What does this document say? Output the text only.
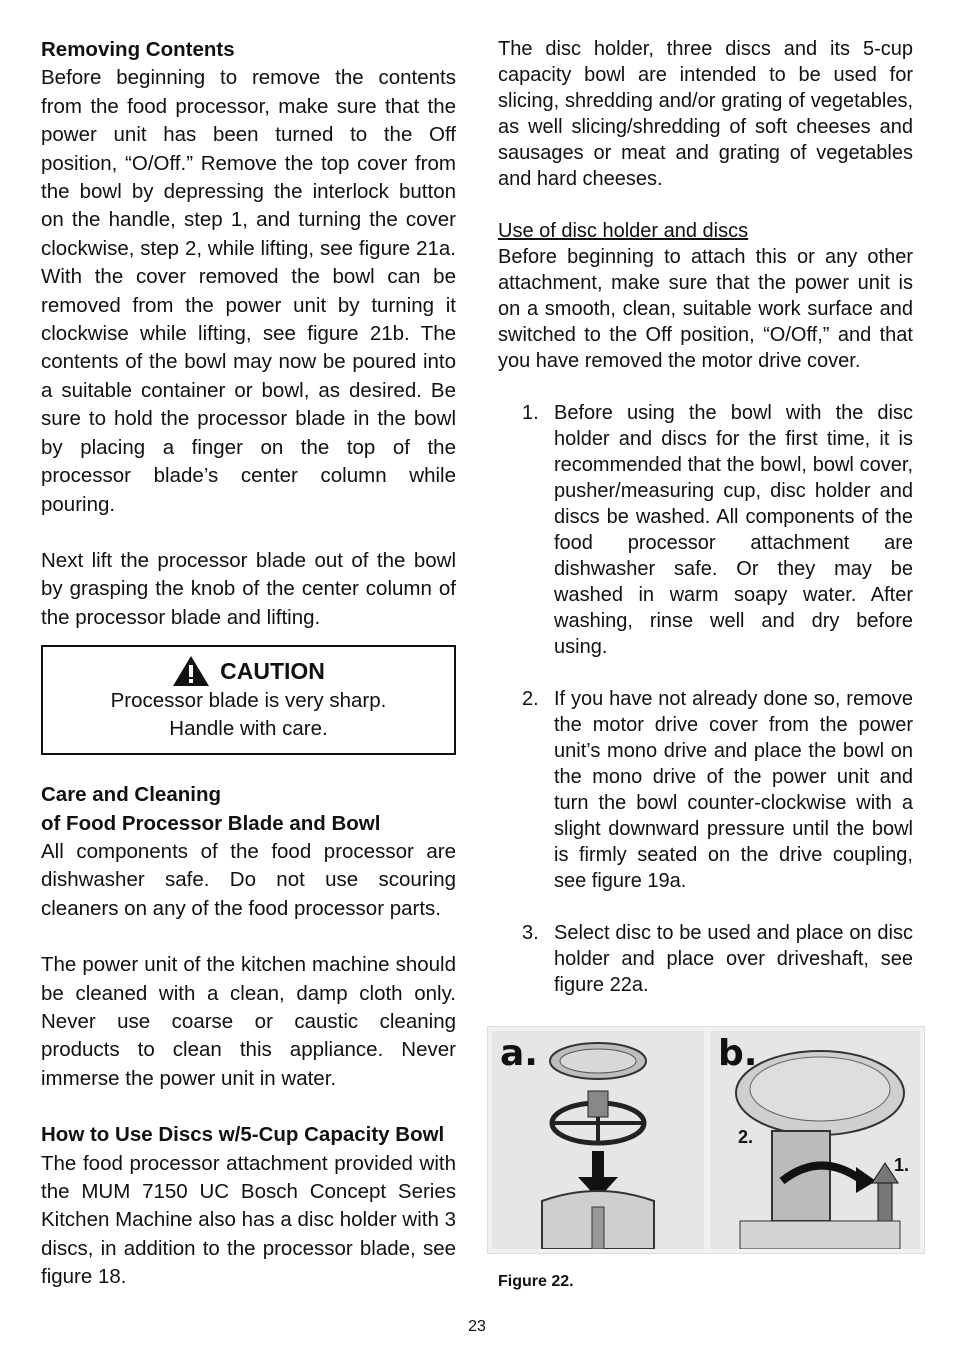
Removing Contents

Before beginning to remove the contents from the food processor, make sure that the power unit has been turned to the Off position, “O/Off.” Remove the top cover from the bowl by depressing the interlock button on the handle, step 1, and turning the cover clockwise, step 2, while lifting, see figure 21a. With the cover removed the bowl can be removed from the power unit by turning it clockwise while lifting, see figure 21b. The contents of the bowl may now be poured into a suitable container or bowl, as desired. Be sure to hold the processor blade in the bowl by placing a finger on the top of the processor blade’s center column while pouring.

Next lift the processor blade out of the bowl by grasping the knob of the center column of the processor blade and lifting.

CAUTION
Processor blade is very sharp.
Handle with care.

Care and Cleaning

of Food Processor Blade and Bowl

All components of the food processor are dishwasher safe. Do not use scouring cleaners on any of the food processor parts.

The power unit of the kitchen machine should be cleaned with a clean, damp cloth only. Never use coarse or caustic cleaning products to clean this appliance. Never immerse the power unit in water.

How to Use Discs w/5-Cup Capacity Bowl

The food processor attachment provided with the MUM 7150 UC Bosch Concept Series Kitchen Machine also has a disc holder with 3 discs, in addition to the processor blade, see figure 18.

The disc holder, three discs and its 5-cup capacity bowl are intended to be used for slicing, shredding and/or grating of vegetables, as well slicing/shredding of soft cheeses and sausages or meat and grating of vegetables and hard cheeses.

Use of disc holder and discs

Before beginning to attach this or any other attachment, make sure that the power unit is on a smooth, clean, suitable work surface and switched to the Off position, “O/Off,” and that you have removed the motor drive cover.

1. Before using the bowl with the disc holder and discs for the first time, it is recommended that the bowl, bowl cover, pusher/measuring cup, disc holder and discs be washed. All components of the food processor attachment are dishwasher safe. Or they may be washed in warm soapy water. After washing, rinse well and dry before using.

2. If you have not already done so, remove the motor drive cover from the power unit’s mono drive and place the bowl on the mono drive of the power unit and turn the bowl counter-clockwise with a slight downward pressure until the bowl is firmly seated on the drive coupling, see figure 19a.

3. Select disc to be used and place on disc holder and place over driveshaft, see figure 22a.

a.	b.
2.
1.
Figure 22.
23
